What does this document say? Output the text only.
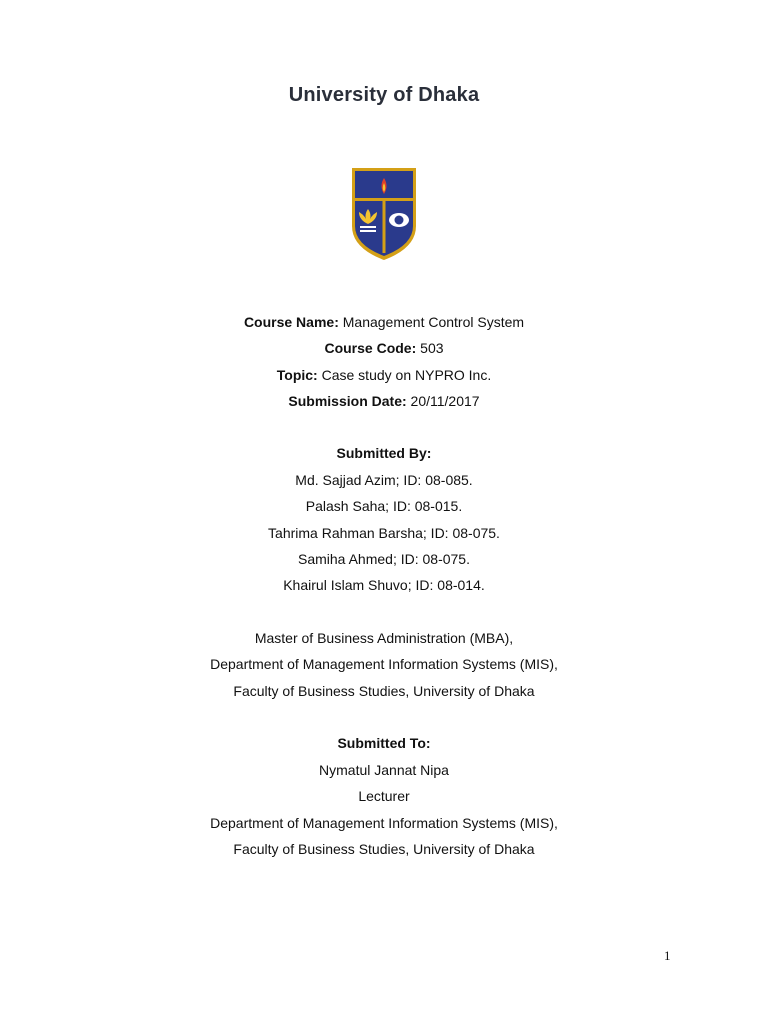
University of Dhaka
Course Name: Management Control System
Course Code: 503
Topic: Case study on NYPRO Inc.
Submission Date: 20/11/2017
Submitted By:
Md. Sajjad Azim; ID: 08-085.
Palash Saha; ID: 08-015.
Tahrima Rahman Barsha; ID: 08-075.
Samiha Ahmed; ID: 08-075.
Khairul Islam Shuvo; ID: 08-014.
Master of Business Administration (MBA),
Department of Management Information Systems (MIS),
Faculty of Business Studies, University of Dhaka
Submitted To:
Nymatul Jannat Nipa
Lecturer
Department of Management Information Systems (MIS),
Faculty of Business Studies, University of Dhaka
1
